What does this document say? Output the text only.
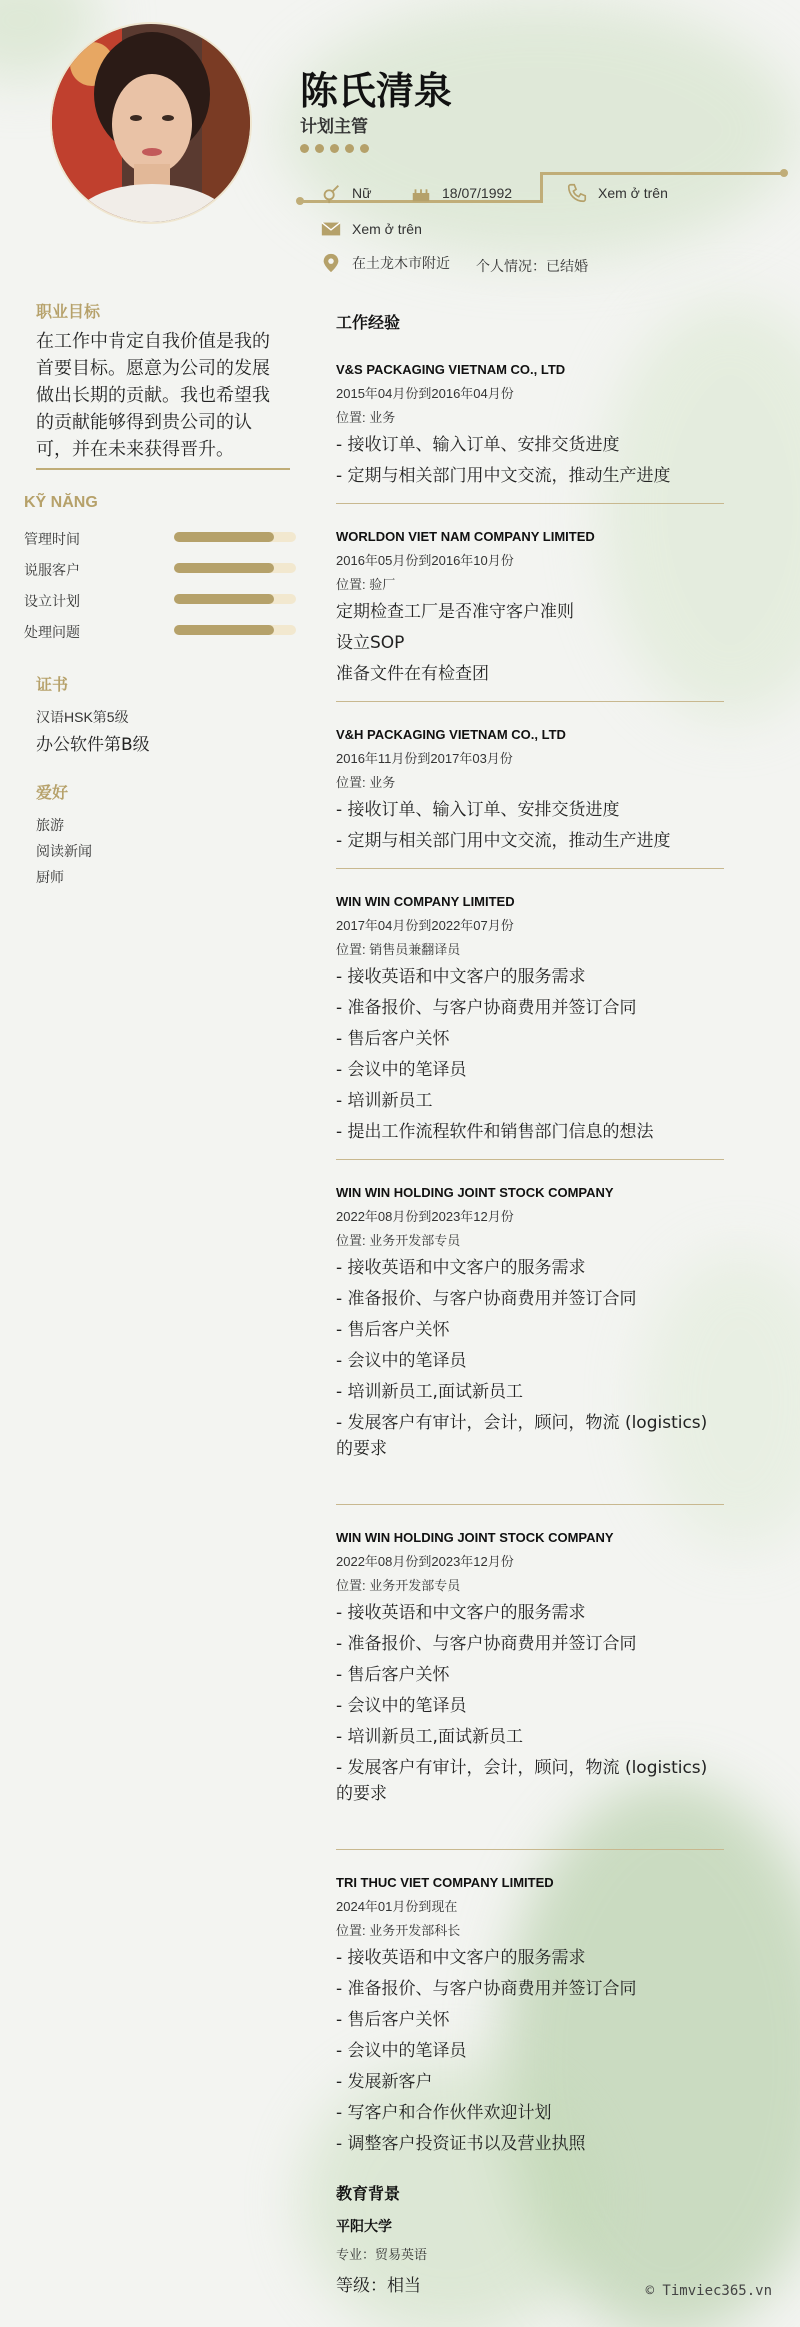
陈氏清泉
计划主管
Nữ	18/07/1992	Xem ở trên
Xem ở trên
在土龙木市附近 个人情况：已结婚
职业目标
在工作中肯定自我价值是我的首要目标。愿意为公司的发展做出长期的贡献。我也希望我的贡献能够得到贵公司的认可，并在未来获得晋升。
KỸ NĂNG
管理时间
说服客户
设立计划
处理问题
证书
汉语HSK第5级
办公软件第B级
爱好
旅游
阅读新闻
厨师
工作经验
V&S PACKAGING VIETNAM CO., LTD
2015年04月份到2016年04月份
位置: 业务
- 接收订单、输入订单、安排交货进度
- 定期与相关部门用中文交流，推动生产进度
WORLDON VIET NAM COMPANY LIMITED
2016年05月份到2016年10月份
位置: 验厂
定期检查工厂是否准守客户准则
设立SOP
准备文件在有检查团
V&H PACKAGING VIETNAM CO., LTD
2016年11月份到2017年03月份
位置: 业务
- 接收订单、输入订单、安排交货进度
- 定期与相关部门用中文交流，推动生产进度
WIN WIN COMPANY LIMITED
2017年04月份到2022年07月份
位置: 销售员兼翻译员
- 接收英语和中文客户的服务需求
- 准备报价、与客户协商费用并签订合同
- 售后客户关怀
- 会议中的笔译员
- 培训新员工
- 提出工作流程软件和销售部门信息的想法
WIN WIN HOLDING JOINT STOCK COMPANY
2022年08月份到2023年12月份
位置: 业务开发部专员
- 接收英语和中文客户的服务需求
- 准备报价、与客户协商费用并签订合同
- 售后客户关怀
- 会议中的笔译员
- 培训新员工,面试新员工
- 发展客户有审计，会计，顾问，物流 (logistics) 的要求
WIN WIN HOLDING JOINT STOCK COMPANY
2022年08月份到2023年12月份
位置: 业务开发部专员
- 接收英语和中文客户的服务需求
- 准备报价、与客户协商费用并签订合同
- 售后客户关怀
- 会议中的笔译员
- 培训新员工,面试新员工
- 发展客户有审计，会计，顾问，物流 (logistics) 的要求
TRI THUC VIET COMPANY LIMITED
2024年01月份到现在
位置: 业务开发部科长
- 接收英语和中文客户的服务需求
- 准备报价、与客户协商费用并签订合同
- 售后客户关怀
- 会议中的笔译员
- 发展新客户
- 写客户和合作伙伴欢迎计划
- 调整客户投资证书以及营业执照
教育背景
平阳大学
专业：贸易英语
等级：相当	© Timviec365.vn
